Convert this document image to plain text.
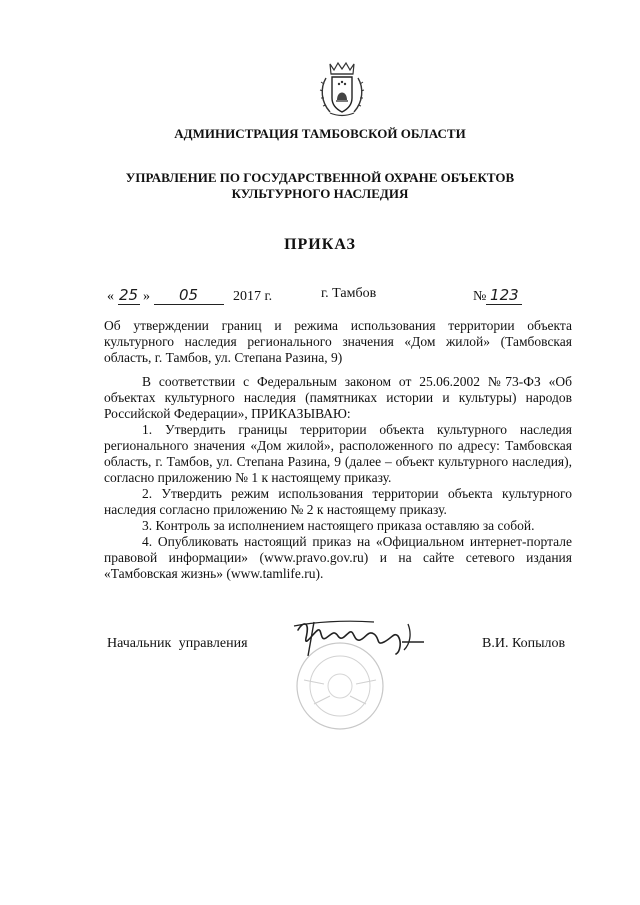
АДМИНИСТРАЦИЯ ТАМБОВСКОЙ ОБЛАСТИ
УПРАВЛЕНИЕ ПО ГОСУДАРСТВЕННОЙ ОХРАНЕ ОБЪЕКТОВ
КУЛЬТУРНОГО НАСЛЕДИЯ
ПРИКАЗ
« 25 » 05 2017 г.	г. Тамбов	№ 123
Об утверждении границ и режима использования территории объекта культурного наследия регионального значения «Дом жилой» (Тамбовская область, г. Тамбов, ул. Степана Разина, 9)

В соответствии с Федеральным законом от 25.06.2002 №73-ФЗ «Об объектах культурного наследия (памятниках истории и культуры) народов Российской Федерации», ПРИКАЗЫВАЮ:

1. Утвердить границы территории объекта культурного наследия регионального значения «Дом жилой», расположенного по адресу: Тамбовская область, г. Тамбов, ул. Степана Разина, 9 (далее – объект культурного наследия), согласно приложению № 1 к настоящему приказу.

2. Утвердить режим использования территории объекта культурного наследия согласно приложению № 2 к настоящему приказу.

3. Контроль за исполнением настоящего приказа оставляю за собой.

4. Опубликовать настоящий приказ на «Официальном интернет-портале правовой информации» (www.pravo.gov.ru) и на сайте сетевого издания «Тамбовская жизнь» (www.tamlife.ru).

Начальник управления	В.И. Копылов
